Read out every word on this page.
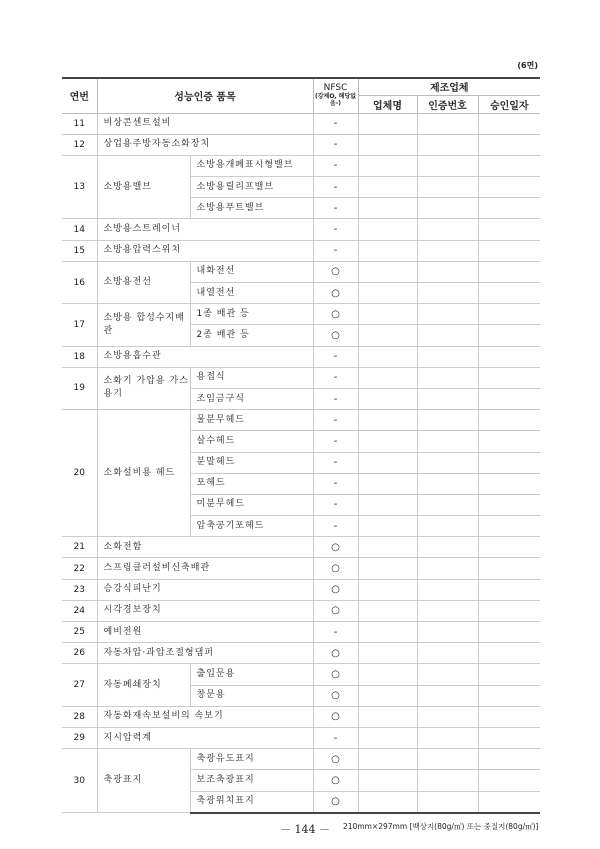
(6면)
연번	성능인증 품목		NFSC
(강제O, 해당없음-)	제조업체		
				업체명	인증번호	승인일자
11	비상콘센트설비		-			
12	상업용주방자동소화장치		-			
13	소방용밸브	소방용개폐표시형밸브	-			
		소방용릴리프밸브	-			
		소방용푸트밸브	-			
14	소방용스트레이너		-			
15	소방용압력스위치		-			
16	소방용전선	내화전선	○			
		내열전선	○			
17	소방용 합성수지배관	1종 배관 등	○			
		2종 배관 등	○			
18	소방용흡수관		-			
19	소화기 가압용 가스용기	용접식	-			
		조임금구식	-			
20	소화설비용 헤드	물분무헤드	-			
		살수헤드	-			
		분말헤드	-			
		포헤드	-			
		미분무헤드	-			
		압축공기포헤드	-			
21	소화전함		○			
22	스프링클러설비신축배관		○			
23	승강식피난기		○			
24	시각경보장치		○			
25	예비전원		-			
26	자동차압·과압조절형댐퍼		○			
27	자동폐쇄장치	출입문용	○			
		창문용	○			
28	자동화재속보설비의 속보기		○			
29	지시압력계		-			
30	축광표지	축광유도표지	○			
		보조축광표지	○			
		축광위치표지	○			
－ 144 － 210mm×297mm [백상지(80g/㎡) 또는 중질지(80g/㎡)]
